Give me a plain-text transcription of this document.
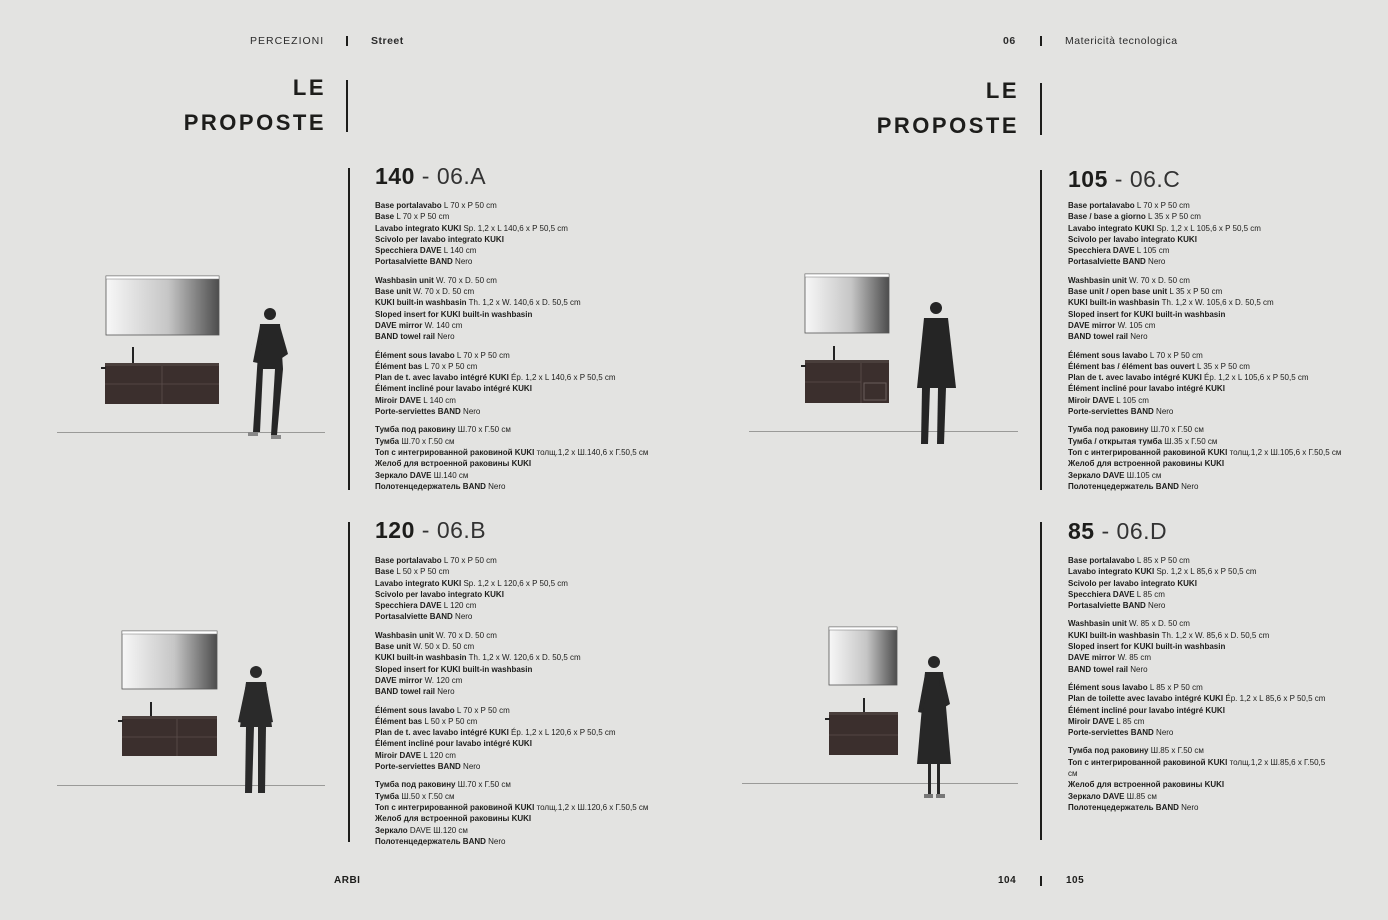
PERCEZIONI	Street	06	Matericità tecnologica
LE
PROPOSTE
LE
PROPOSTE
140 - 06.A
Base portalavabo L 70 x P 50 cm
Base L 70 x P 50 cm
Lavabo integrato KUKI Sp. 1,2 x L 140,6 x P 50,5 cm
Scivolo per lavabo integrato KUKI
Specchiera DAVE L 140 cm
Portasalviette BAND Nero
Washbasin unit W. 70 x D. 50 cm
Base unit W. 70 x D. 50 cm
KUKI built-in washbasin Th. 1,2 x W. 140,6 x D. 50,5 cm
Sloped insert for KUKI built-in washbasin
DAVE mirror W. 140 cm
BAND towel rail Nero
Élément sous lavabo L 70 x P 50 cm
Élément bas L 70 x P 50 cm
Plan de t. avec lavabo intégré KUKI Ép. 1,2 x L 140,6 x P 50,5 cm
Élément incliné pour lavabo intégré KUKI
Miroir DAVE L 140 cm
Porte-serviettes BAND Nero
Тумба под раковину Ш.70 x Г.50 см
Тумба Ш.70 x Г.50 см
Топ с интегрированной раковиной KUKI толщ.1,2 x Ш.140,6 x Г.50,5 см
Желоб для встроенной раковины KUKI
Зеркало DAVE Ш.140 см
Полотенцедержатель BAND Nero
120 - 06.B
Base portalavabo L 70 x P 50 cm
Base L 50 x P 50 cm
Lavabo integrato KUKI Sp. 1,2 x L 120,6 x P 50,5 cm
Scivolo per lavabo integrato KUKI
Specchiera DAVE L 120 cm
Portasalviette BAND Nero
Washbasin unit W. 70 x D. 50 cm
Base unit W. 50 x D. 50 cm
KUKI built-in washbasin Th. 1,2 x W. 120,6 x D. 50,5 cm
Sloped insert for KUKI built-in washbasin
DAVE mirror W. 120 cm
BAND towel rail Nero
Élément sous lavabo L 70 x P 50 cm
Élément bas L 50 x P 50 cm
Plan de t. avec lavabo intégré KUKI Ép. 1,2 x L 120,6 x P 50,5 cm
Élément incliné pour lavabo intégré KUKI
Miroir DAVE L 120 cm
Porte-serviettes BAND Nero
Тумба под раковину Ш.70 x Г.50 см
Тумба Ш.50 x Г.50 см
Топ с интегрированной раковиной KUKI толщ.1,2 x Ш.120,6 x Г.50,5 см
Желоб для встроенной раковины KUKI
Зеркало DAVE Ш.120 см
Полотенцедержатель BAND Nero
105 - 06.C
Base portalavabo L 70 x P 50 cm
Base / base a giorno L 35 x P 50 cm
Lavabo integrato KUKI Sp. 1,2 x L 105,6 x P 50,5 cm
Scivolo per lavabo integrato KUKI
Specchiera DAVE L 105 cm
Portasalviette BAND Nero
Washbasin unit W. 70 x D. 50 cm
Base unit / open base unit L 35 x P 50 cm
KUKI built-in washbasin Th. 1,2 x W. 105,6 x D. 50,5 cm
Sloped insert for KUKI built-in washbasin
DAVE mirror W. 105 cm
BAND towel rail Nero
Élément sous lavabo L 70 x P 50 cm
Élément bas / élément bas ouvert L 35 x P 50 cm
Plan de t. avec lavabo intégré KUKI Ép. 1,2 x L 105,6 x P 50,5 cm
Élément incliné pour lavabo intégré KUKI
Miroir DAVE L 105 cm
Porte-serviettes BAND Nero
Тумба под раковину Ш.70 x Г.50 см
Тумба / открытая тумба Ш.35 x Г.50 см
Топ с интегрированной раковиной KUKI толщ.1,2 x Ш.105,6 x Г.50,5 см
Желоб для встроенной раковины KUKI
Зеркало DAVE Ш.105 см
Полотенцедержатель BAND Nero
85 - 06.D
Base portalavabo L 85 x P 50 cm
Lavabo integrato KUKI Sp. 1,2 x L 85,6 x P 50,5 cm
Scivolo per lavabo integrato KUKI
Specchiera DAVE L 85 cm
Portasalviette BAND Nero
Washbasin unit W. 85 x D. 50 cm
KUKI built-in washbasin Th. 1,2 x W. 85,6 x D. 50,5 cm
Sloped insert for KUKI built-in washbasin
DAVE mirror W. 85 cm
BAND towel rail Nero
Élément sous lavabo L 85 x P 50 cm
Plan de toilette avec lavabo intégré KUKI Ép. 1,2 x L 85,6 x P 50,5 cm
Élément incliné pour lavabo intégré KUKI
Miroir DAVE L 85 cm
Porte-serviettes BAND Nero
Тумба под раковину Ш.85 x Г.50 см
Топ с интегрированной раковиной KUKI толщ.1,2 x Ш.85,6 x Г.50,5 см
Желоб для встроенной раковины KUKI
Зеркало DAVE Ш.85 см
Полотенцедержатель BAND Nero
ARBI	104	105
